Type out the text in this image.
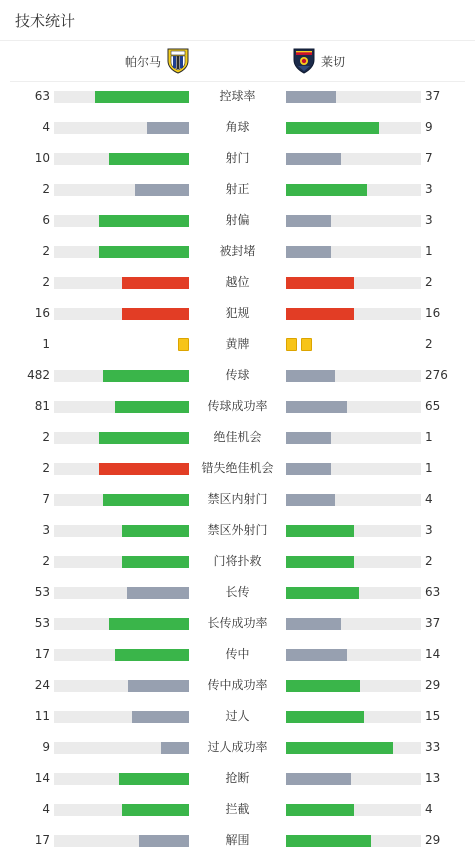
技术统计
帕尔马	莱切
63	控球率	37
4	角球	9
10	射门	7
2	射正	3
6	射偏	3
2	被封堵	1
2	越位	2
16	犯规	16
1	黄牌	2
482	传球	276
81	传球成功率	65
2	绝佳机会	1
2	错失绝佳机会	1
7	禁区内射门	4
3	禁区外射门	3
2	门将扑救	2
53	长传	63
53	长传成功率	37
17	传中	14
24	传中成功率	29
11	过人	15
9	过人成功率	33
14	抢断	13
4	拦截	4
17	解围	29
